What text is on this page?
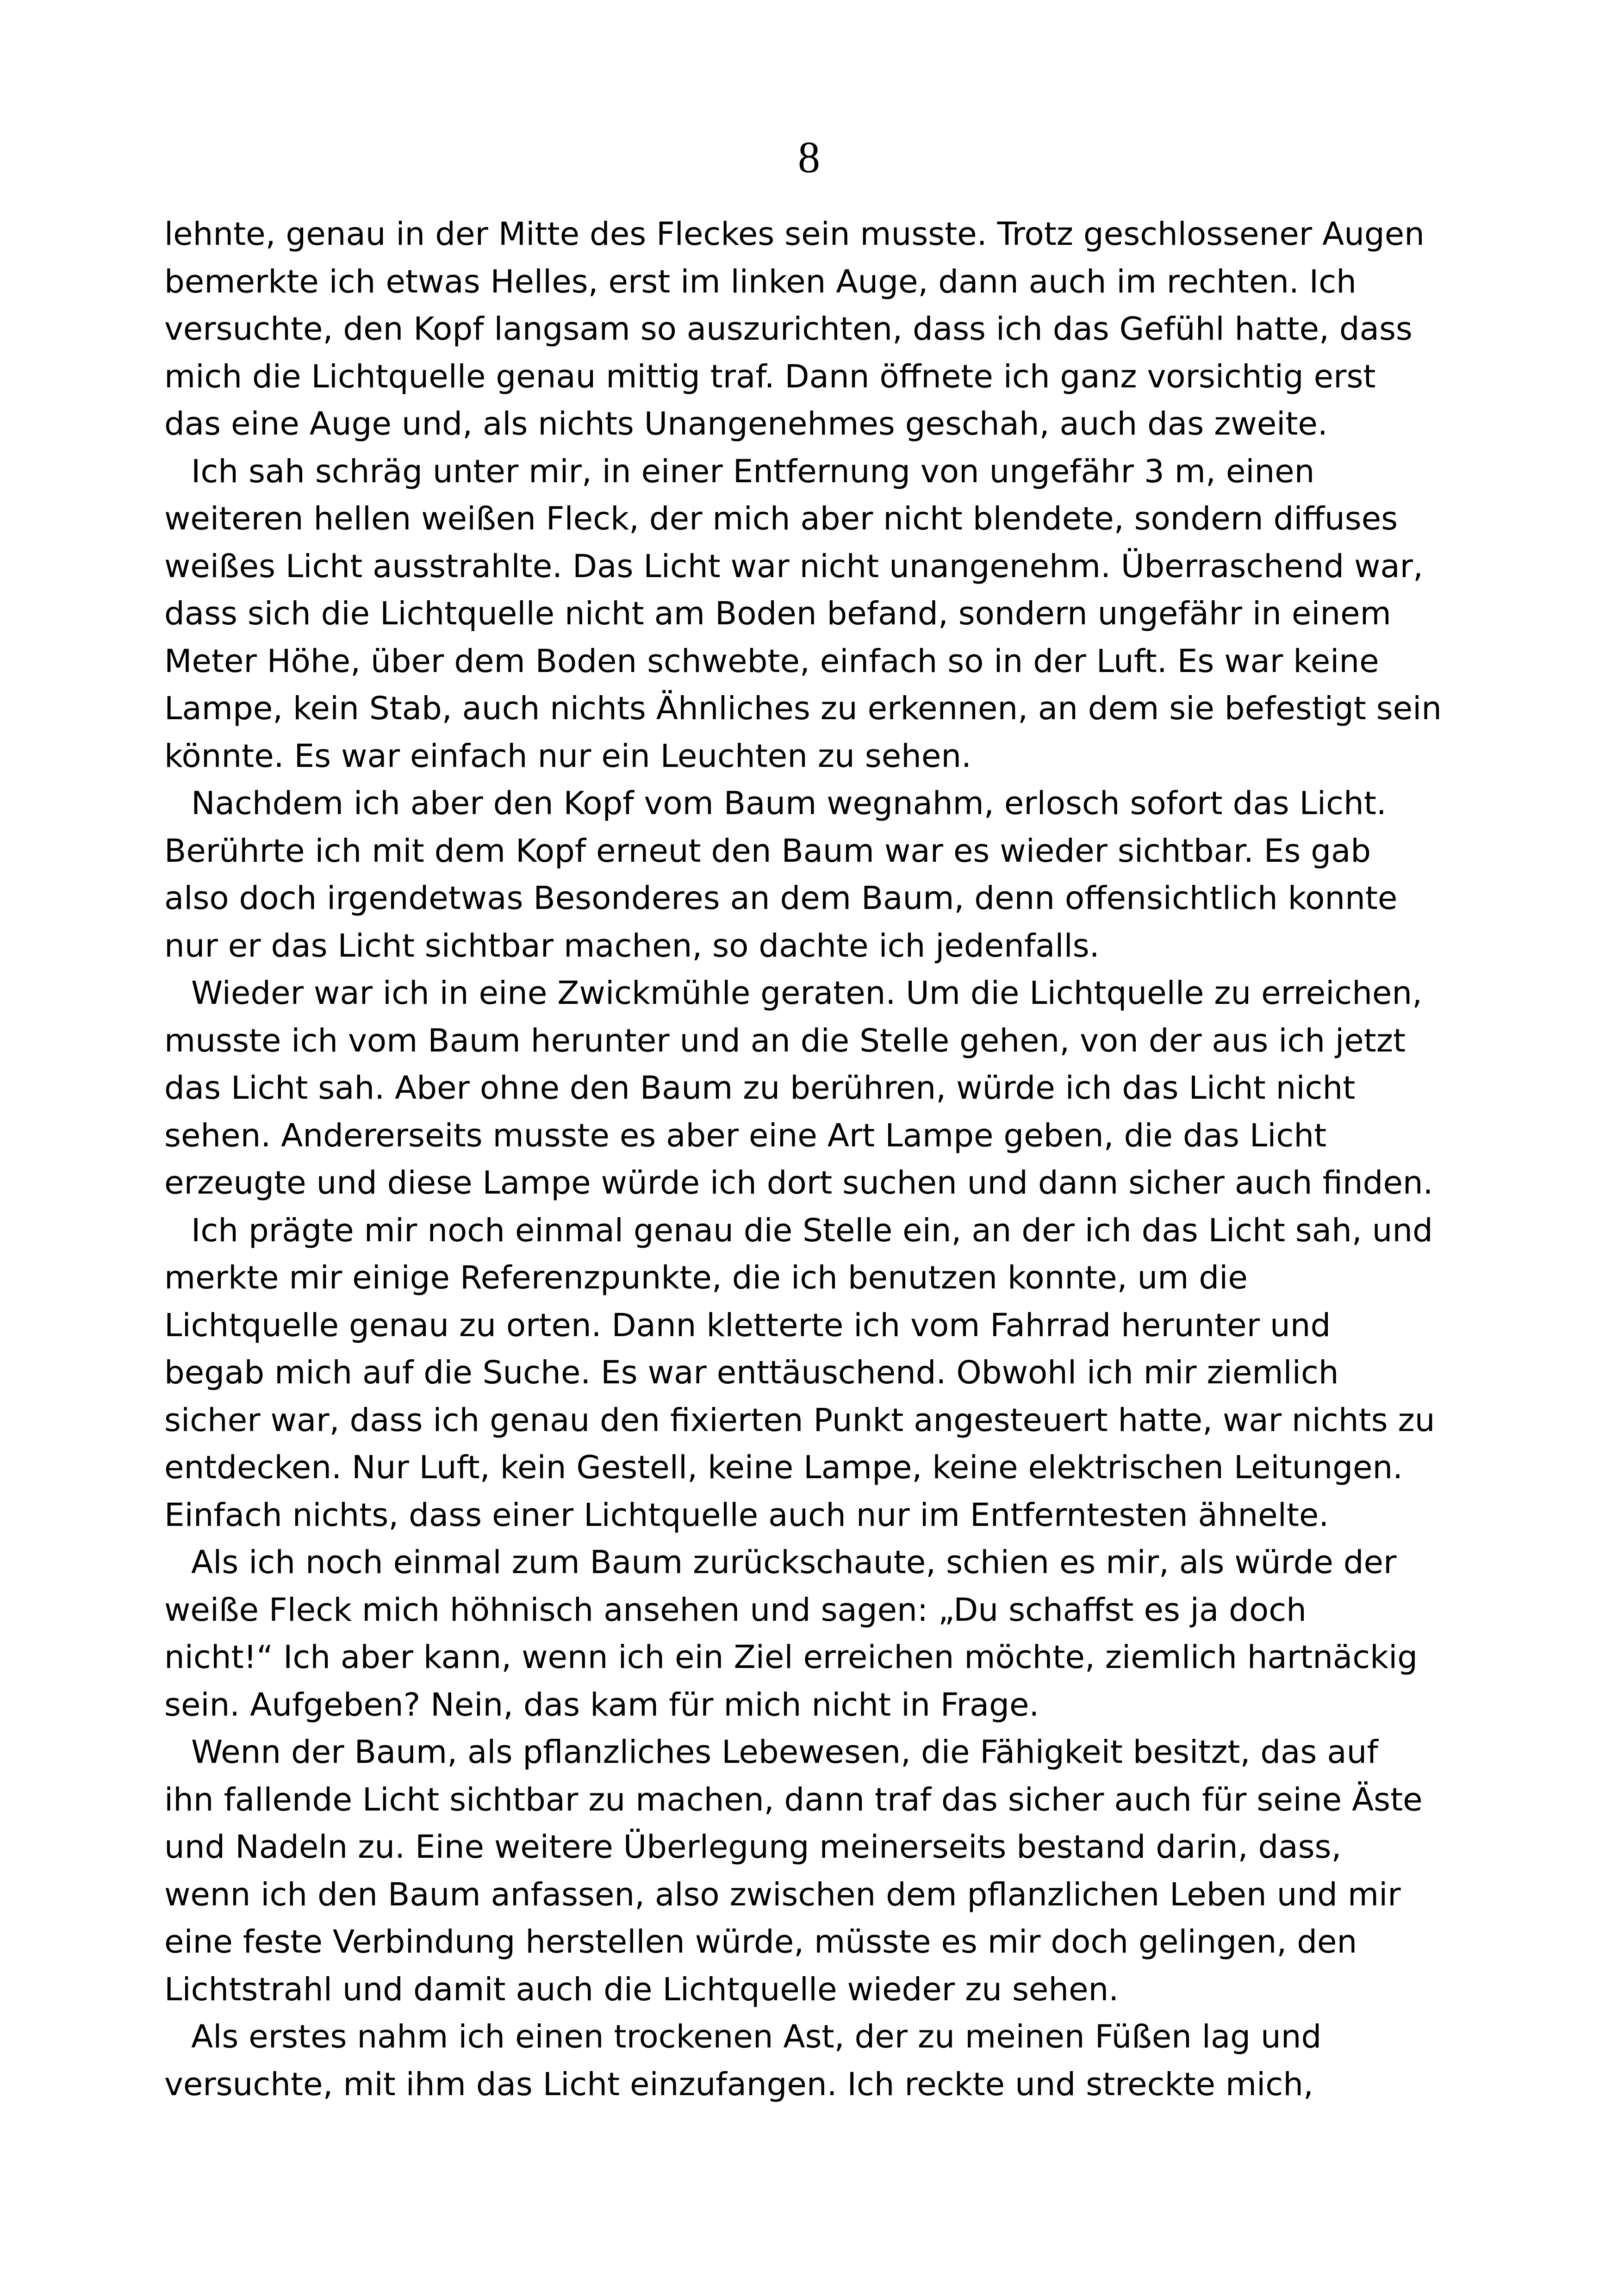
8

lehnte, genau in der Mitte des Fleckes sein musste. Trotz geschlossener Augen
bemerkte ich etwas Helles, erst im linken Auge, dann auch im rechten. Ich
versuchte, den Kopf langsam so auszurichten, dass ich das Gefühl hatte, dass
mich die Lichtquelle genau mittig traf. Dann öffnete ich ganz vorsichtig erst
das eine Auge und, als nichts Unangenehmes geschah, auch das zweite.

Ich sah schräg unter mir, in einer Entfernung von ungefähr 3 m, einen
weiteren hellen weißen Fleck, der mich aber nicht blendete, sondern diffuses
weißes Licht ausstrahlte. Das Licht war nicht unangenehm. Überraschend war,
dass sich die Lichtquelle nicht am Boden befand, sondern ungefähr in einem
Meter Höhe, über dem Boden schwebte, einfach so in der Luft. Es war keine
Lampe, kein Stab, auch nichts Ähnliches zu erkennen, an dem sie befestigt sein
könnte. Es war einfach nur ein Leuchten zu sehen.

Nachdem ich aber den Kopf vom Baum wegnahm, erlosch sofort das Licht.
Berührte ich mit dem Kopf erneut den Baum war es wieder sichtbar. Es gab
also doch irgendetwas Besonderes an dem Baum, denn offensichtlich konnte
nur er das Licht sichtbar machen, so dachte ich jedenfalls.

Wieder war ich in eine Zwickmühle geraten. Um die Lichtquelle zu erreichen,
musste ich vom Baum herunter und an die Stelle gehen, von der aus ich jetzt
das Licht sah. Aber ohne den Baum zu berühren, würde ich das Licht nicht
sehen. Andererseits musste es aber eine Art Lampe geben, die das Licht
erzeugte und diese Lampe würde ich dort suchen und dann sicher auch finden.

Ich prägte mir noch einmal genau die Stelle ein, an der ich das Licht sah, und
merkte mir einige Referenzpunkte, die ich benutzen konnte, um die
Lichtquelle genau zu orten. Dann kletterte ich vom Fahrrad herunter und
begab mich auf die Suche. Es war enttäuschend. Obwohl ich mir ziemlich
sicher war, dass ich genau den fixierten Punkt angesteuert hatte, war nichts zu
entdecken. Nur Luft, kein Gestell, keine Lampe, keine elektrischen Leitungen.
Einfach nichts, dass einer Lichtquelle auch nur im Entferntesten ähnelte.

Als ich noch einmal zum Baum zurückschaute, schien es mir, als würde der
weiße Fleck mich höhnisch ansehen und sagen: „Du schaffst es ja doch
nicht!“ Ich aber kann, wenn ich ein Ziel erreichen möchte, ziemlich hartnäckig
sein. Aufgeben? Nein, das kam für mich nicht in Frage.

Wenn der Baum, als pflanzliches Lebewesen, die Fähigkeit besitzt, das auf
ihn fallende Licht sichtbar zu machen, dann traf das sicher auch für seine Äste
und Nadeln zu. Eine weitere Überlegung meinerseits bestand darin, dass,
wenn ich den Baum anfassen, also zwischen dem pflanzlichen Leben und mir
eine feste Verbindung herstellen würde, müsste es mir doch gelingen, den
Lichtstrahl und damit auch die Lichtquelle wieder zu sehen.

Als erstes nahm ich einen trockenen Ast, der zu meinen Füßen lag und
versuchte, mit ihm das Licht einzufangen. Ich reckte und streckte mich,
